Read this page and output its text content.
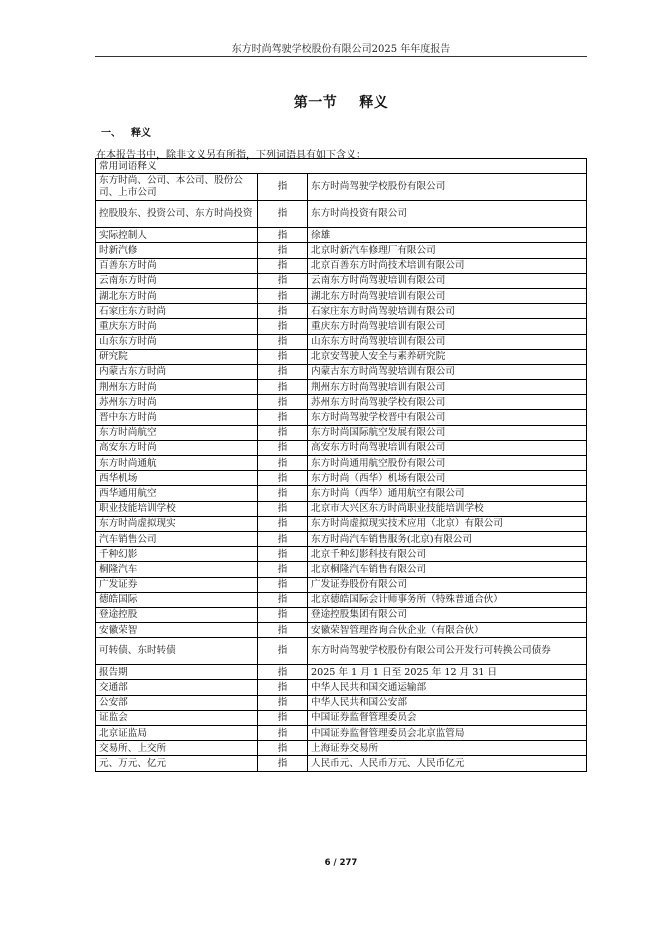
东方时尚驾驶学校股份有限公司2025 年年度报告
第一节 释义
一、 释义
在本报告书中，除非文义另有所指，下列词语具有如下含义：
常用词语释义		
东方时尚、公司、本公司、股份公司、上市公司	指	东方时尚驾驶学校股份有限公司
控股股东、投资公司、东方时尚投资	指	东方时尚投资有限公司
实际控制人	指	徐雄
时新汽修	指	北京时新汽车修理厂有限公司
百善东方时尚	指	北京百善东方时尚技术培训有限公司
云南东方时尚	指	云南东方时尚驾驶培训有限公司
湖北东方时尚	指	湖北东方时尚驾驶培训有限公司
石家庄东方时尚	指	石家庄东方时尚驾驶培训有限公司
重庆东方时尚	指	重庆东方时尚驾驶培训有限公司
山东东方时尚	指	山东东方时尚驾驶培训有限公司
研究院	指	北京安驾驶人安全与素养研究院
内蒙古东方时尚	指	内蒙古东方时尚驾驶培训有限公司
荆州东方时尚	指	荆州东方时尚驾驶培训有限公司
苏州东方时尚	指	苏州东方时尚驾驶学校有限公司
晋中东方时尚	指	东方时尚驾驶学校晋中有限公司
东方时尚航空	指	东方时尚国际航空发展有限公司
高安东方时尚	指	高安东方时尚驾驶培训有限公司
东方时尚通航	指	东方时尚通用航空股份有限公司
西华机场	指	东方时尚（西华）机场有限公司
西华通用航空	指	东方时尚（西华）通用航空有限公司
职业技能培训学校	指	北京市大兴区东方时尚职业技能培训学校
东方时尚虚拟现实	指	东方时尚虚拟现实技术应用（北京）有限公司
汽车销售公司	指	东方时尚汽车销售服务(北京)有限公司
千种幻影	指	北京千种幻影科技有限公司
桐隆汽车	指	北京桐隆汽车销售有限公司
广发证券	指	广发证券股份有限公司
德皓国际	指	北京德皓国际会计师事务所（特殊普通合伙）
登途控股	指	登途控股集团有限公司
安徽荣智	指	安徽荣智管理咨询合伙企业（有限合伙）
可转债、东时转债	指	东方时尚驾驶学校股份有限公司公开发行可转换公司债券
报告期	指	2025 年 1 月 1 日至 2025 年 12 月 31 日
交通部	指	中华人民共和国交通运输部
公安部	指	中华人民共和国公安部
证监会	指	中国证券监督管理委员会
北京证监局	指	中国证券监督管理委员会北京监管局
交易所、上交所	指	上海证券交易所
元、万元、亿元	指	人民币元、人民币万元、人民币亿元
6 / 277
